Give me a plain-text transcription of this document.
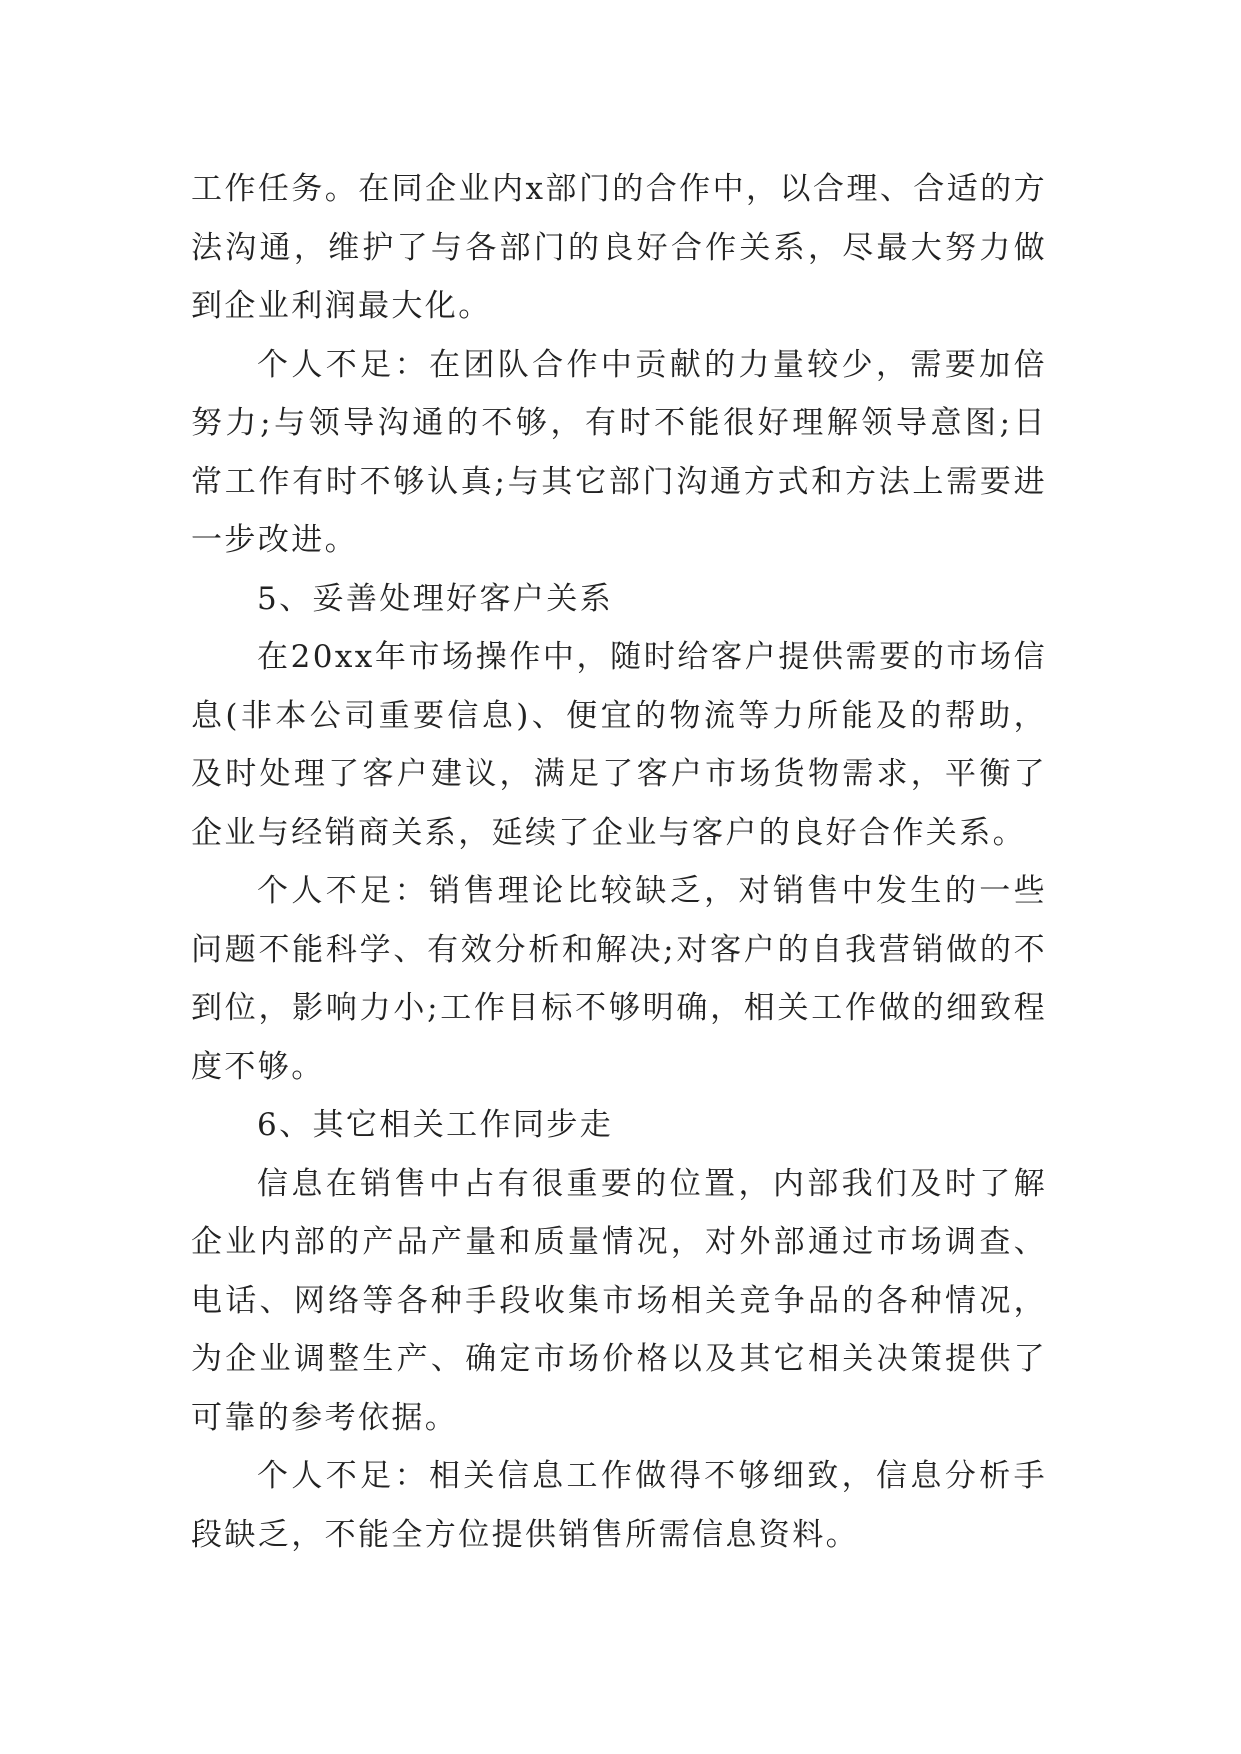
工作任务。在同企业内x部门的合作中，以合理、合适的方法沟通，维护了与各部门的良好合作关系，尽最大努力做到企业利润最大化。

个人不足：在团队合作中贡献的力量较少，需要加倍努力;与领导沟通的不够，有时不能很好理解领导意图;日常工作有时不够认真;与其它部门沟通方式和方法上需要进一步改进。

5、妥善处理好客户关系

在20xx年市场操作中，随时给客户提供需要的市场信息(非本公司重要信息)、便宜的物流等力所能及的帮助，及时处理了客户建议，满足了客户市场货物需求，平衡了企业与经销商关系，延续了企业与客户的良好合作关系。

个人不足：销售理论比较缺乏，对销售中发生的一些问题不能科学、有效分析和解决;对客户的自我营销做的不到位，影响力小;工作目标不够明确，相关工作做的细致程度不够。

6、其它相关工作同步走

信息在销售中占有很重要的位置，内部我们及时了解企业内部的产品产量和质量情况，对外部通过市场调查、电话、网络等各种手段收集市场相关竞争品的各种情况，为企业调整生产、确定市场价格以及其它相关决策提供了可靠的参考依据。

个人不足：相关信息工作做得不够细致，信息分析手段缺乏，不能全方位提供销售所需信息资料。
